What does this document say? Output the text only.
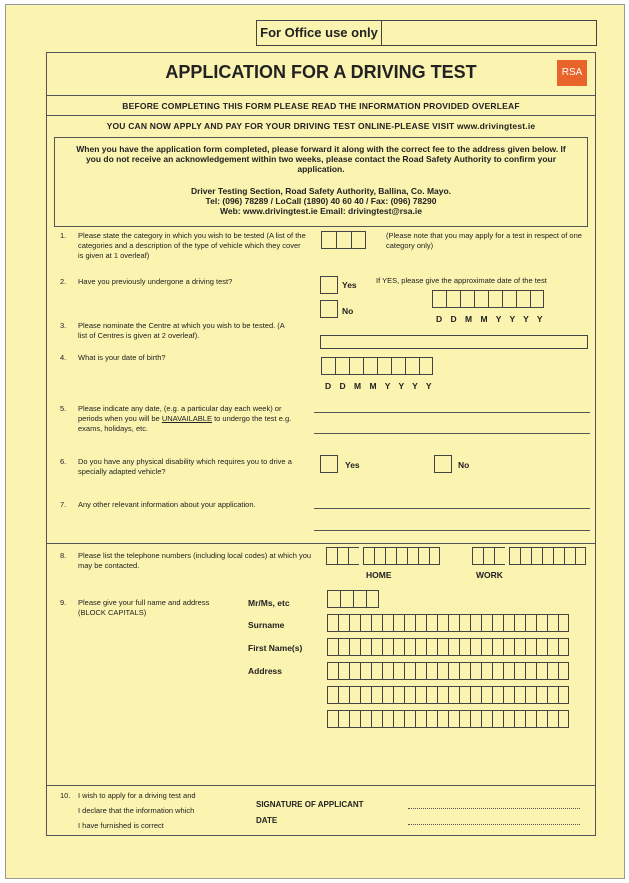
For Office use only
APPLICATION FOR A DRIVING TEST	RSA
BEFORE COMPLETING THIS FORM PLEASE READ THE INFORMATION PROVIDED OVERLEAF
YOU CAN NOW APPLY AND PAY FOR YOUR DRIVING TEST ONLINE-PLEASE VISIT www.drivingtest.ie

When you have the application form completed, please forward it along with the correct fee to the address given below. If you do not receive an acknowledgement within two weeks, please contact the Road Safety Authority to confirm your application.

Driver Testing Section, Road Safety Authority, Ballina, Co. Mayo.

Tel: (096) 78289 / LoCall (1890) 40 60 40 / Fax: (096) 78290

Web: www.drivingtest.ie Email: drivingtest@rsa.ie

1. Please state the category in which you wish to be tested (A list of the categories and a description of the type of vehicle which they cover is given at 1 overleaf)
(Please note that you may apply for a test in respect of one category only)
2. Have you previously undergone a driving test?	Yes
No
If YES, please give the approximate date of the test
D D M M Y Y Y Y
3. Please nominate the Centre at which you wish to be tested. (A list of Centres is given at 2 overleaf).
4. What is your date of birth?
D D M M Y Y Y Y
5. Please indicate any date, (e.g. a particular day each week) or periods when you will be UNAVAILABLE to undergo the test e.g. exams, holidays, etc.
6. Do you have any physical disability which requires you to drive a specially adapted vehicle?
Yes	No
7. Any other relevant information about your application.
8. Please list the telephone numbers (including local codes) at which you may be contacted.
HOME	WORK
9. Please give your full name and address (BLOCK CAPITALS)
Mr/Ms, etc
Surname
First Name(s)
Address
10. I wish to apply for a driving test and
I declare that the information which
I have furnished is correct
SIGNATURE OF APPLICANT
DATE
